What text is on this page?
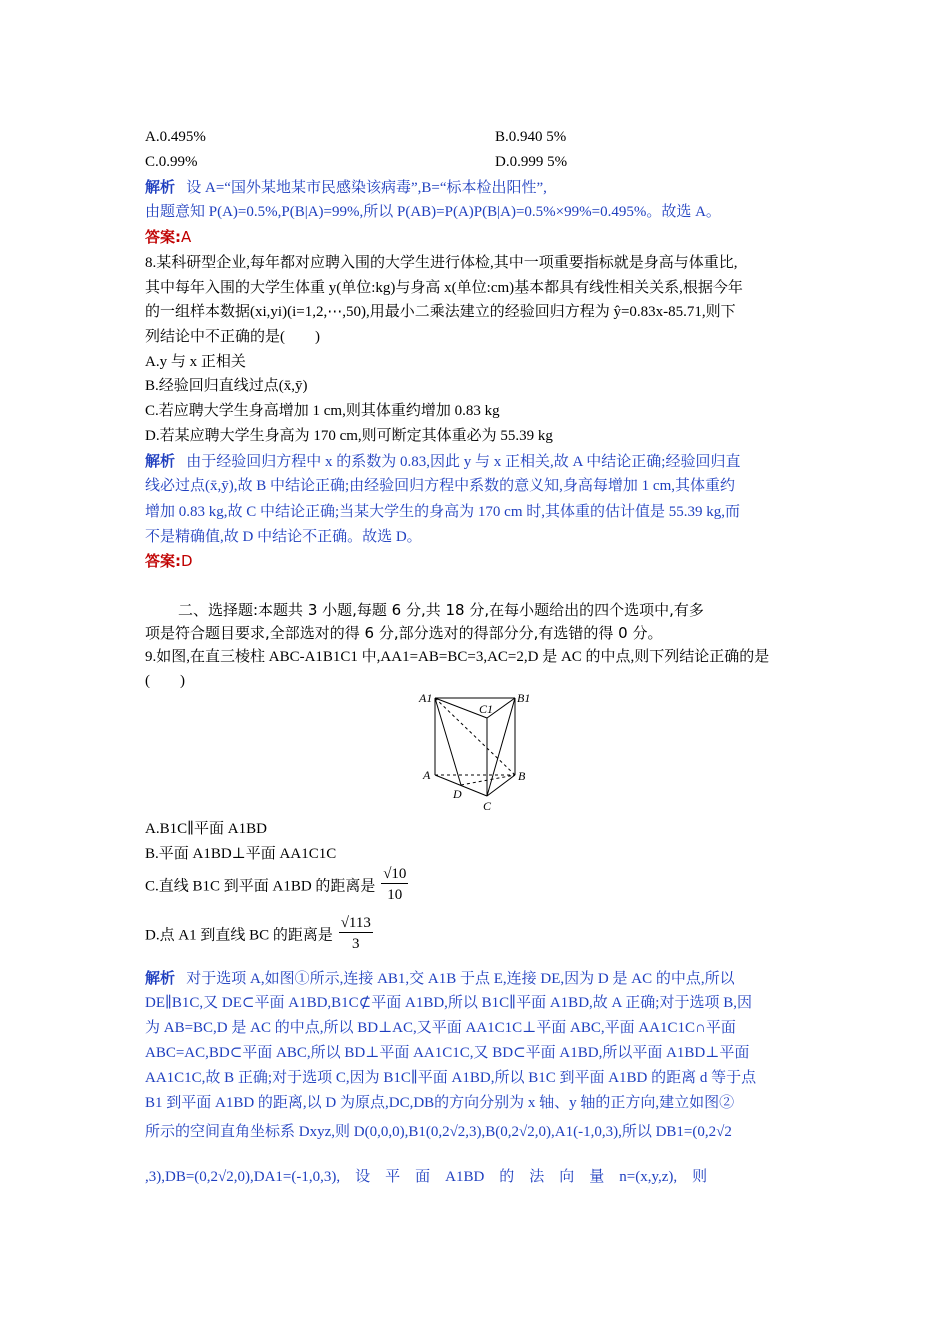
A.0.495%	B.0.940 5%
C.0.99%	D.0.999 5%
解析 设 A=“国外某地某市民感染该病毒”,B=“标本检出阳性”,
由题意知 P(A)=0.5%,P(B|A)=99%,所以 P(AB)=P(A)P(B|A)=0.5%×99%=0.495%。故选 A。
答案:A
8.某科研型企业,每年都对应聘入围的大学生进行体检,其中一项重要指标就是身高与体重比,
其中每年入围的大学生体重 y(单位:kg)与身高 x(单位:cm)基本都具有线性相关关系,根据今年
的一组样本数据(xi,yi)(i=1,2,⋯,50),用最小二乘法建立的经验回归方程为 ŷ=0.83x-85.71,则下
列结论中不正确的是(　　)
A.y 与 x 正相关
B.经验回归直线过点(x̄,ȳ)
C.若应聘大学生身高增加 1 cm,则其体重约增加 0.83 kg
D.若某应聘大学生身高为 170 cm,则可断定其体重必为 55.39 kg
解析 由于经验回归方程中 x 的系数为 0.83,因此 y 与 x 正相关,故 A 中结论正确;经验回归直
线必过点(x̄,ȳ),故 B 中结论正确;由经验回归方程中系数的意义知,身高每增加 1 cm,其体重约
增加 0.83 kg,故 C 中结论正确;当某大学生的身高为 170 cm 时,其体重的估计值是 55.39 kg,而
不是精确值,故 D 中结论不正确。故选 D。
答案:D
二、选择题:本题共 3 小题,每题 6 分,共 18 分,在每小题给出的四个选项中,有多
项是符合题目要求,全部选对的得 6 分,部分选对的得部分分,有选错的得 0 分。
9.如图,在直三棱柱 ABC-A1B1C1 中,AA1=AB=BC=3,AC=2,D 是 AC 的中点,则下列结论正确的是
(　　)
A1	B1
C1
A	B
C
D
A.B1C∥平面 A1BD
B.平面 A1BD⊥平面 AA1C1C
C.直线 B1C 到平面 A1BD 的距离是 $\frac{√10}{10}$
D.点 A1 到直线 BC 的距离是 $\frac{√113}{3}$
解析 对于选项 A,如图①所示,连接 AB1,交 A1B 于点 E,连接 DE,因为 D 是 AC 的中点,所以
DE∥B1C,又 DE⊂平面 A1BD,B1C⊄平面 A1BD,所以 B1C∥平面 A1BD,故 A 正确;对于选项 B,因
为 AB=BC,D 是 AC 的中点,所以 BD⊥AC,又平面 AA1C1C⊥平面 ABC,平面 AA1C1C∩平面
ABC=AC,BD⊂平面 ABC,所以 BD⊥平面 AA1C1C,又 BD⊂平面 A1BD,所以平面 A1BD⊥平面
AA1C1C,故 B 正确;对于选项 C,因为 B1C∥平面 A1BD,所以 B1C 到平面 A1BD 的距离 d 等于点
B1 到平面 A1BD 的距离,以 D 为原点,DC,DB的方向分别为 x 轴、y 轴的正方向,建立如图②
所示的空间直角坐标系 Dxyz,则 D(0,0,0),B1(0,2√2,3),B(0,2√2,0),A1(-1,0,3),所以 DB1=(0,2√2
,3),DB=(0,2√2,0),DA1=(-1,0,3),　设　平　面　A1BD　的　法　向　量　n=(x,y,z),　则
